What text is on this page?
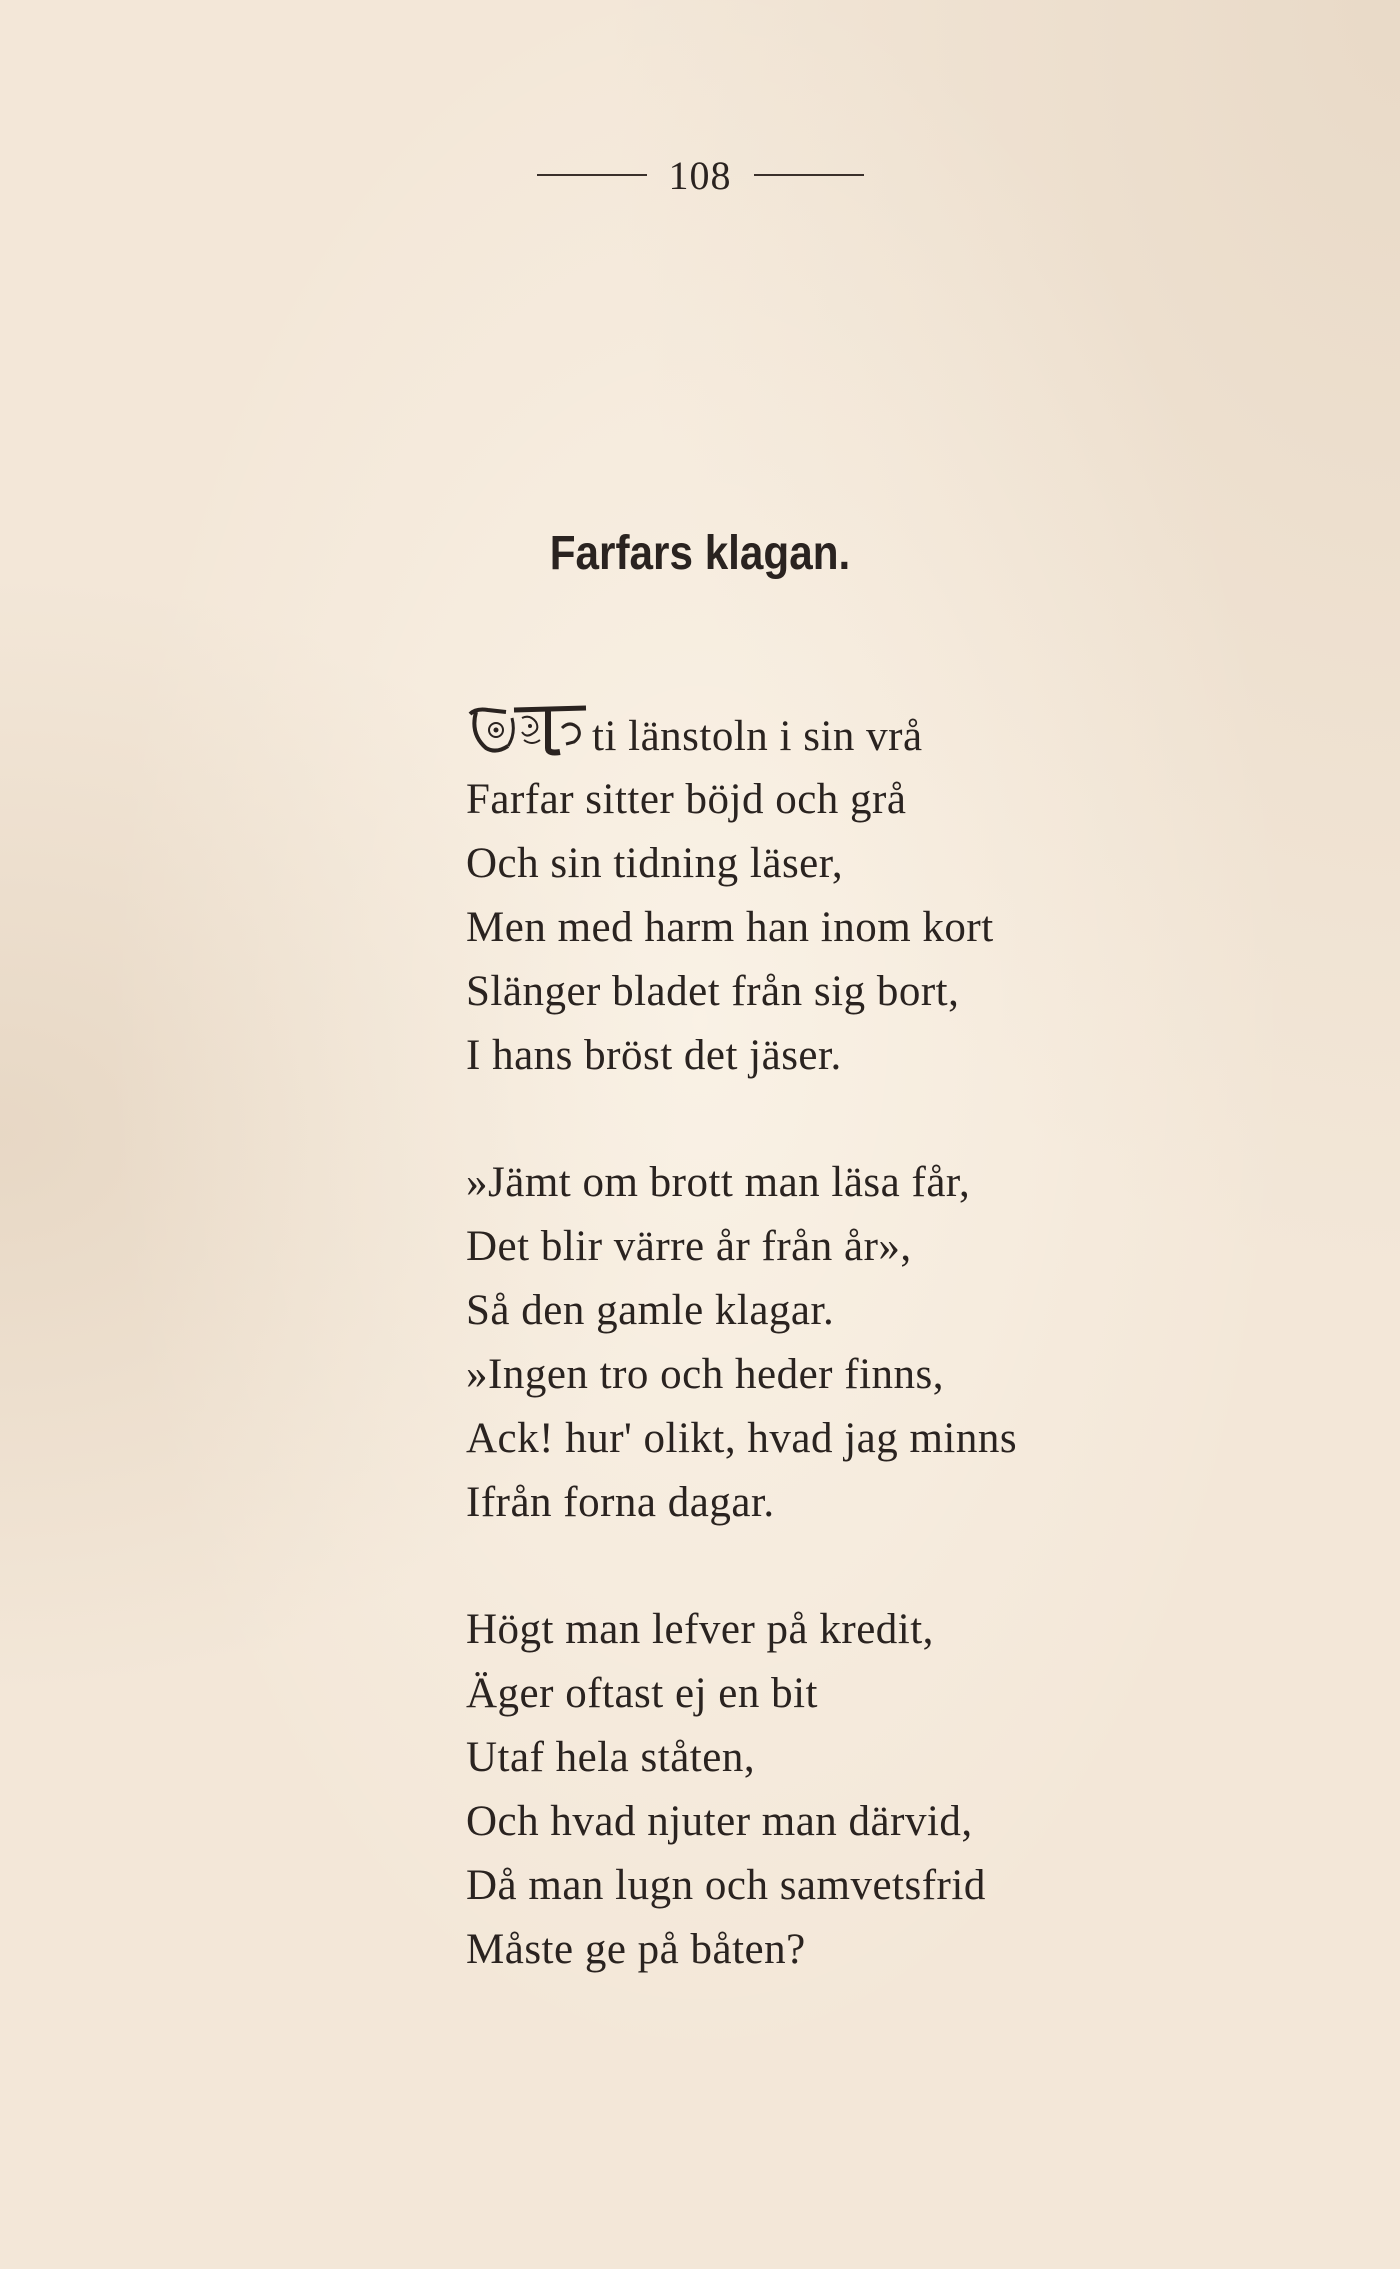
108
Farfars klagan.
ti länstoln i sin vrå
Farfar sitter böjd och grå
Och sin tidning läser,
Men med harm han inom kort
Slänger bladet från sig bort,
I hans bröst det jäser.
»Jämt om brott man läsa får,
Det blir värre år från år»,
Så den gamle klagar.
»Ingen tro och heder finns,
Ack! hur' olikt, hvad jag minns
Ifrån forna dagar.
Högt man lefver på kredit,
Äger oftast ej en bit
Utaf hela ståten,
Och hvad njuter man därvid,
Då man lugn och samvetsfrid
Måste ge på båten?
